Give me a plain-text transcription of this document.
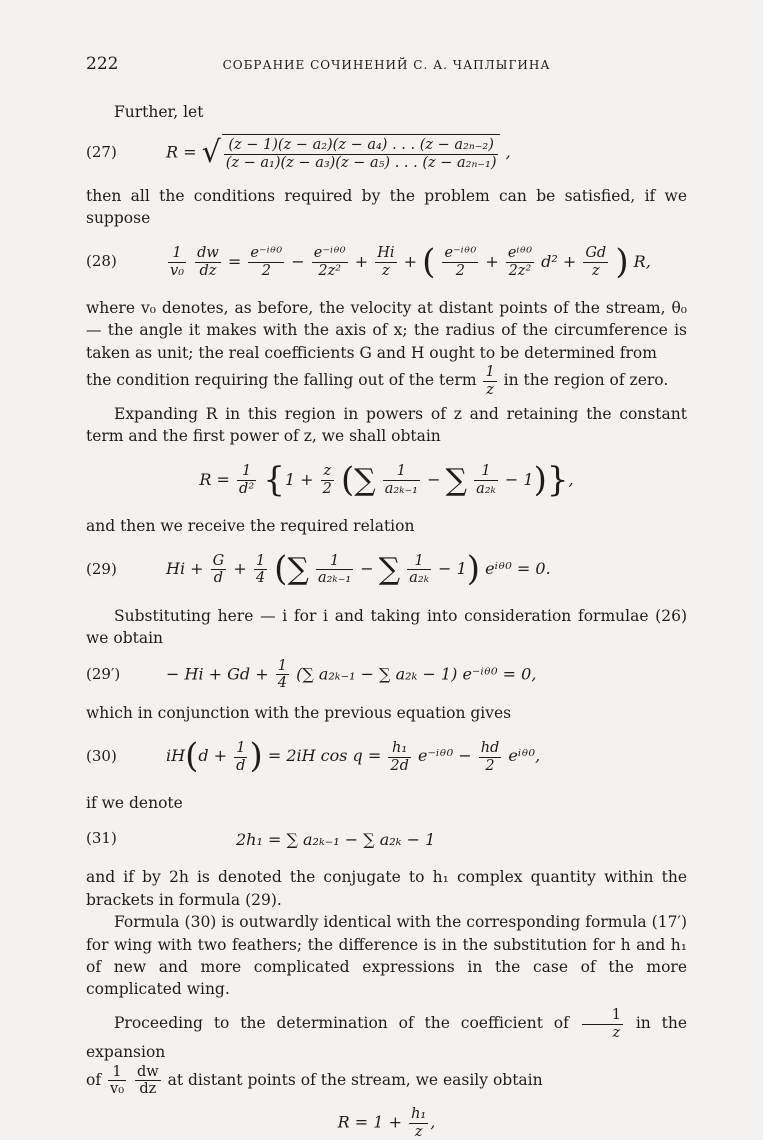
222	СОБРАНИЕ СОЧИНЕНИЙ С. А. ЧАПЛЫГИНА

Further, let

(27)	R = √ $\frac{\text{(z − 1)(z − a₂)(z − a₄) . . . (z − a₂ₙ₋₂)}}{\text{(z − a₁)(z − a₃)(z − a₅) . . . (z − a₂ₙ₋₁)}}$ ,

then all the conditions required by the problem can be satisfied, if we suppose

(28)	$\frac{1}{\text{v₀}}$
$\frac{dw}{dz} = \frac{\text{e⁻ⁱᶿ⁰}}{2} - \frac{\text{e⁻ⁱᶿ⁰}}{\text{2z²}} + \frac{Hi}{z}$ + ( $\frac{\text{e⁻ⁱᶿ⁰}}{2} + \frac{\text{eⁱᶿ⁰}}{\text{2z²}} d^2 + \frac{Gd}{z}$ ) R,

where v₀ denotes, as before, the velocity at distant points of the stream, θ₀ — the angle it makes with the axis of x; the radius of the circumference is taken as unit; the real coefficients G and H ought to be determined from

the condition requiring the falling out of the term $\frac{1}{z}$ in the region of zero.

Expanding R in this region in powers of z and retaining the constant term and the first power of z, we shall obtain

$R = \frac{1}{\text{d²}} \{1 + \frac{z}{2}$ (∑ $\frac{1}{\text{a₂ₖ₋₁}}$ − ∑ $\frac{1}{\text{a₂ₖ}} - 1$)},

and then we receive the required relation

(29)	$Hi + \frac{G}{d} + \frac{1}{4}$ (∑ $\frac{1}{\text{a₂ₖ₋₁}}$ − ∑ $\frac{1}{\text{a₂ₖ}} - 1$) eⁱᶿ⁰ = 0.

Substituting here — i for i and taking into consideration formulae (26) we obtain

(29′)	− $Hi + Gd + \frac{1}{4}$ (∑ a₂ₖ₋₁ − ∑ a₂ₖ − 1) e⁻ⁱᶿ⁰ = 0,

which in conjunction with the previous equation gives

(30)	$iH(d + \frac{1}{d}$ ) = 2iH $\cos q = \frac{\text{h₁}}{2d}$ e⁻ⁱᶿ⁰ − $\frac{hd}{2}$ eⁱᶿ⁰,

if we denote

(31)	2h₁ = ∑ a₂ₖ₋₁ − ∑ a₂ₖ − 1

and if by 2h is denoted the conjugate to h₁ complex quantity within the brackets in formula (29).

Formula (30) is outwardly identical with the corresponding formula (17′) for wing with two feathers; the difference is in the substitution for h and h₁ of new and more complicated expressions in the case of the more complicated wing.

Proceeding to the determination of the coefficient of $\frac{1}{z}$ in the expansion

of $\frac{1}{\text{v₀}}$
$\frac{dw}{dz}$ at distant points of the stream, we easily obtain

$R = 1 + \frac{\text{h₁}}{z}$ ,
